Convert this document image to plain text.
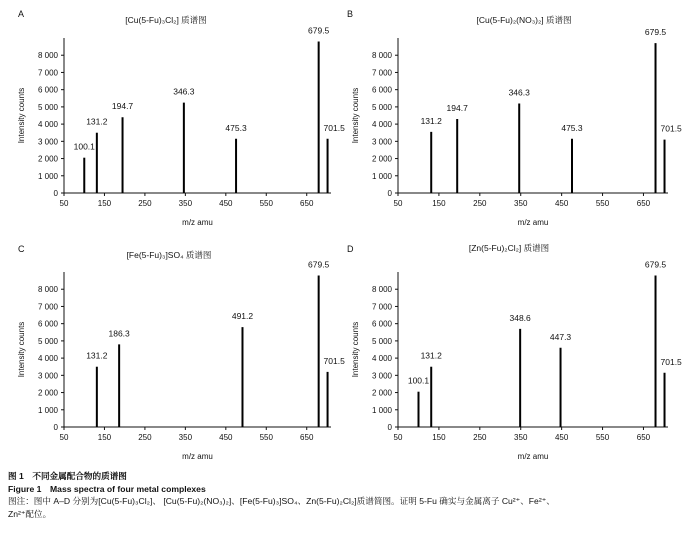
A
[Cu(5-Fu)₃Cl₂] 质谱图
0
1 000
2 000
3 000
4 000
5 000
6 000
7 000
8 000
50	150	250	350	450	550	650
Intensity counts
m/z amu
100.1
131.2
194.7
346.3
475.3
679.5
701.5
B
[Cu(5-Fu)₂(NO₃)₂] 质谱图
0
1 000
2 000
3 000
4 000
5 000
6 000
7 000
8 000
50	150	250	350	450	550	650
Intensity counts
m/z amu
131.2
194.7
346.3
475.3
679.5
701.5
C
[Fe(5-Fu)₃]SO₄ 质谱图
0
1 000
2 000
3 000
4 000
5 000
6 000
7 000
8 000
50	150	250	350	450	550	650
Intensity counts
m/z amu
131.2
186.3
491.2
679.5
701.5
D	[Zn(5-Fu)₂Cl₂] 质谱图
0
1 000
2 000
3 000
4 000
5 000
6 000
7 000
8 000
50	150	250	350	450	550	650
Intensity counts
m/z amu
100.1
131.2
348.6
447.3
679.5
701.5
图 1　不同金属配合物的质谱图
Figure 1　Mass spectra of four metal complexes
图注：图中 A–D 分别为[Cu(5-Fu)₃Cl₂]、 [Cu(5-Fu)₂(NO₃)₂]、[Fe(5-Fu)₃]SO₄、Zn(5-Fu)₂Cl₂]质谱简图。证明 5-Fu 确实与金属离子 Cu²⁺、Fe²⁺、
Zn²⁺配位。
